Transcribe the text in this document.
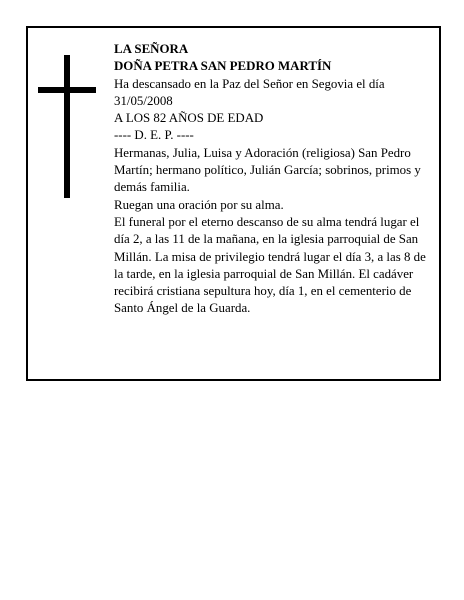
LA SEÑORA
DOÑA PETRA SAN PEDRO MARTÍN
Ha descansado en la Paz del Señor en Segovia el día 31/05/2008
A LOS 82 AÑOS DE EDAD
---- D. E. P. ----
Hermanas, Julia, Luisa y Adoración (religiosa) San Pedro Martín; hermano político, Julián García; sobrinos, primos y demás familia.
Ruegan una oración por su alma.
El funeral por el eterno descanso de su alma tendrá lugar el día 2, a las 11 de la mañana, en la iglesia parroquial de San Millán. La misa de privilegio tendrá lugar el día 3, a las 8 de la tarde, en la iglesia parroquial de San Millán. El cadáver recibirá cristiana sepultura hoy, día 1, en el cementerio de Santo Ángel de la Guarda.
